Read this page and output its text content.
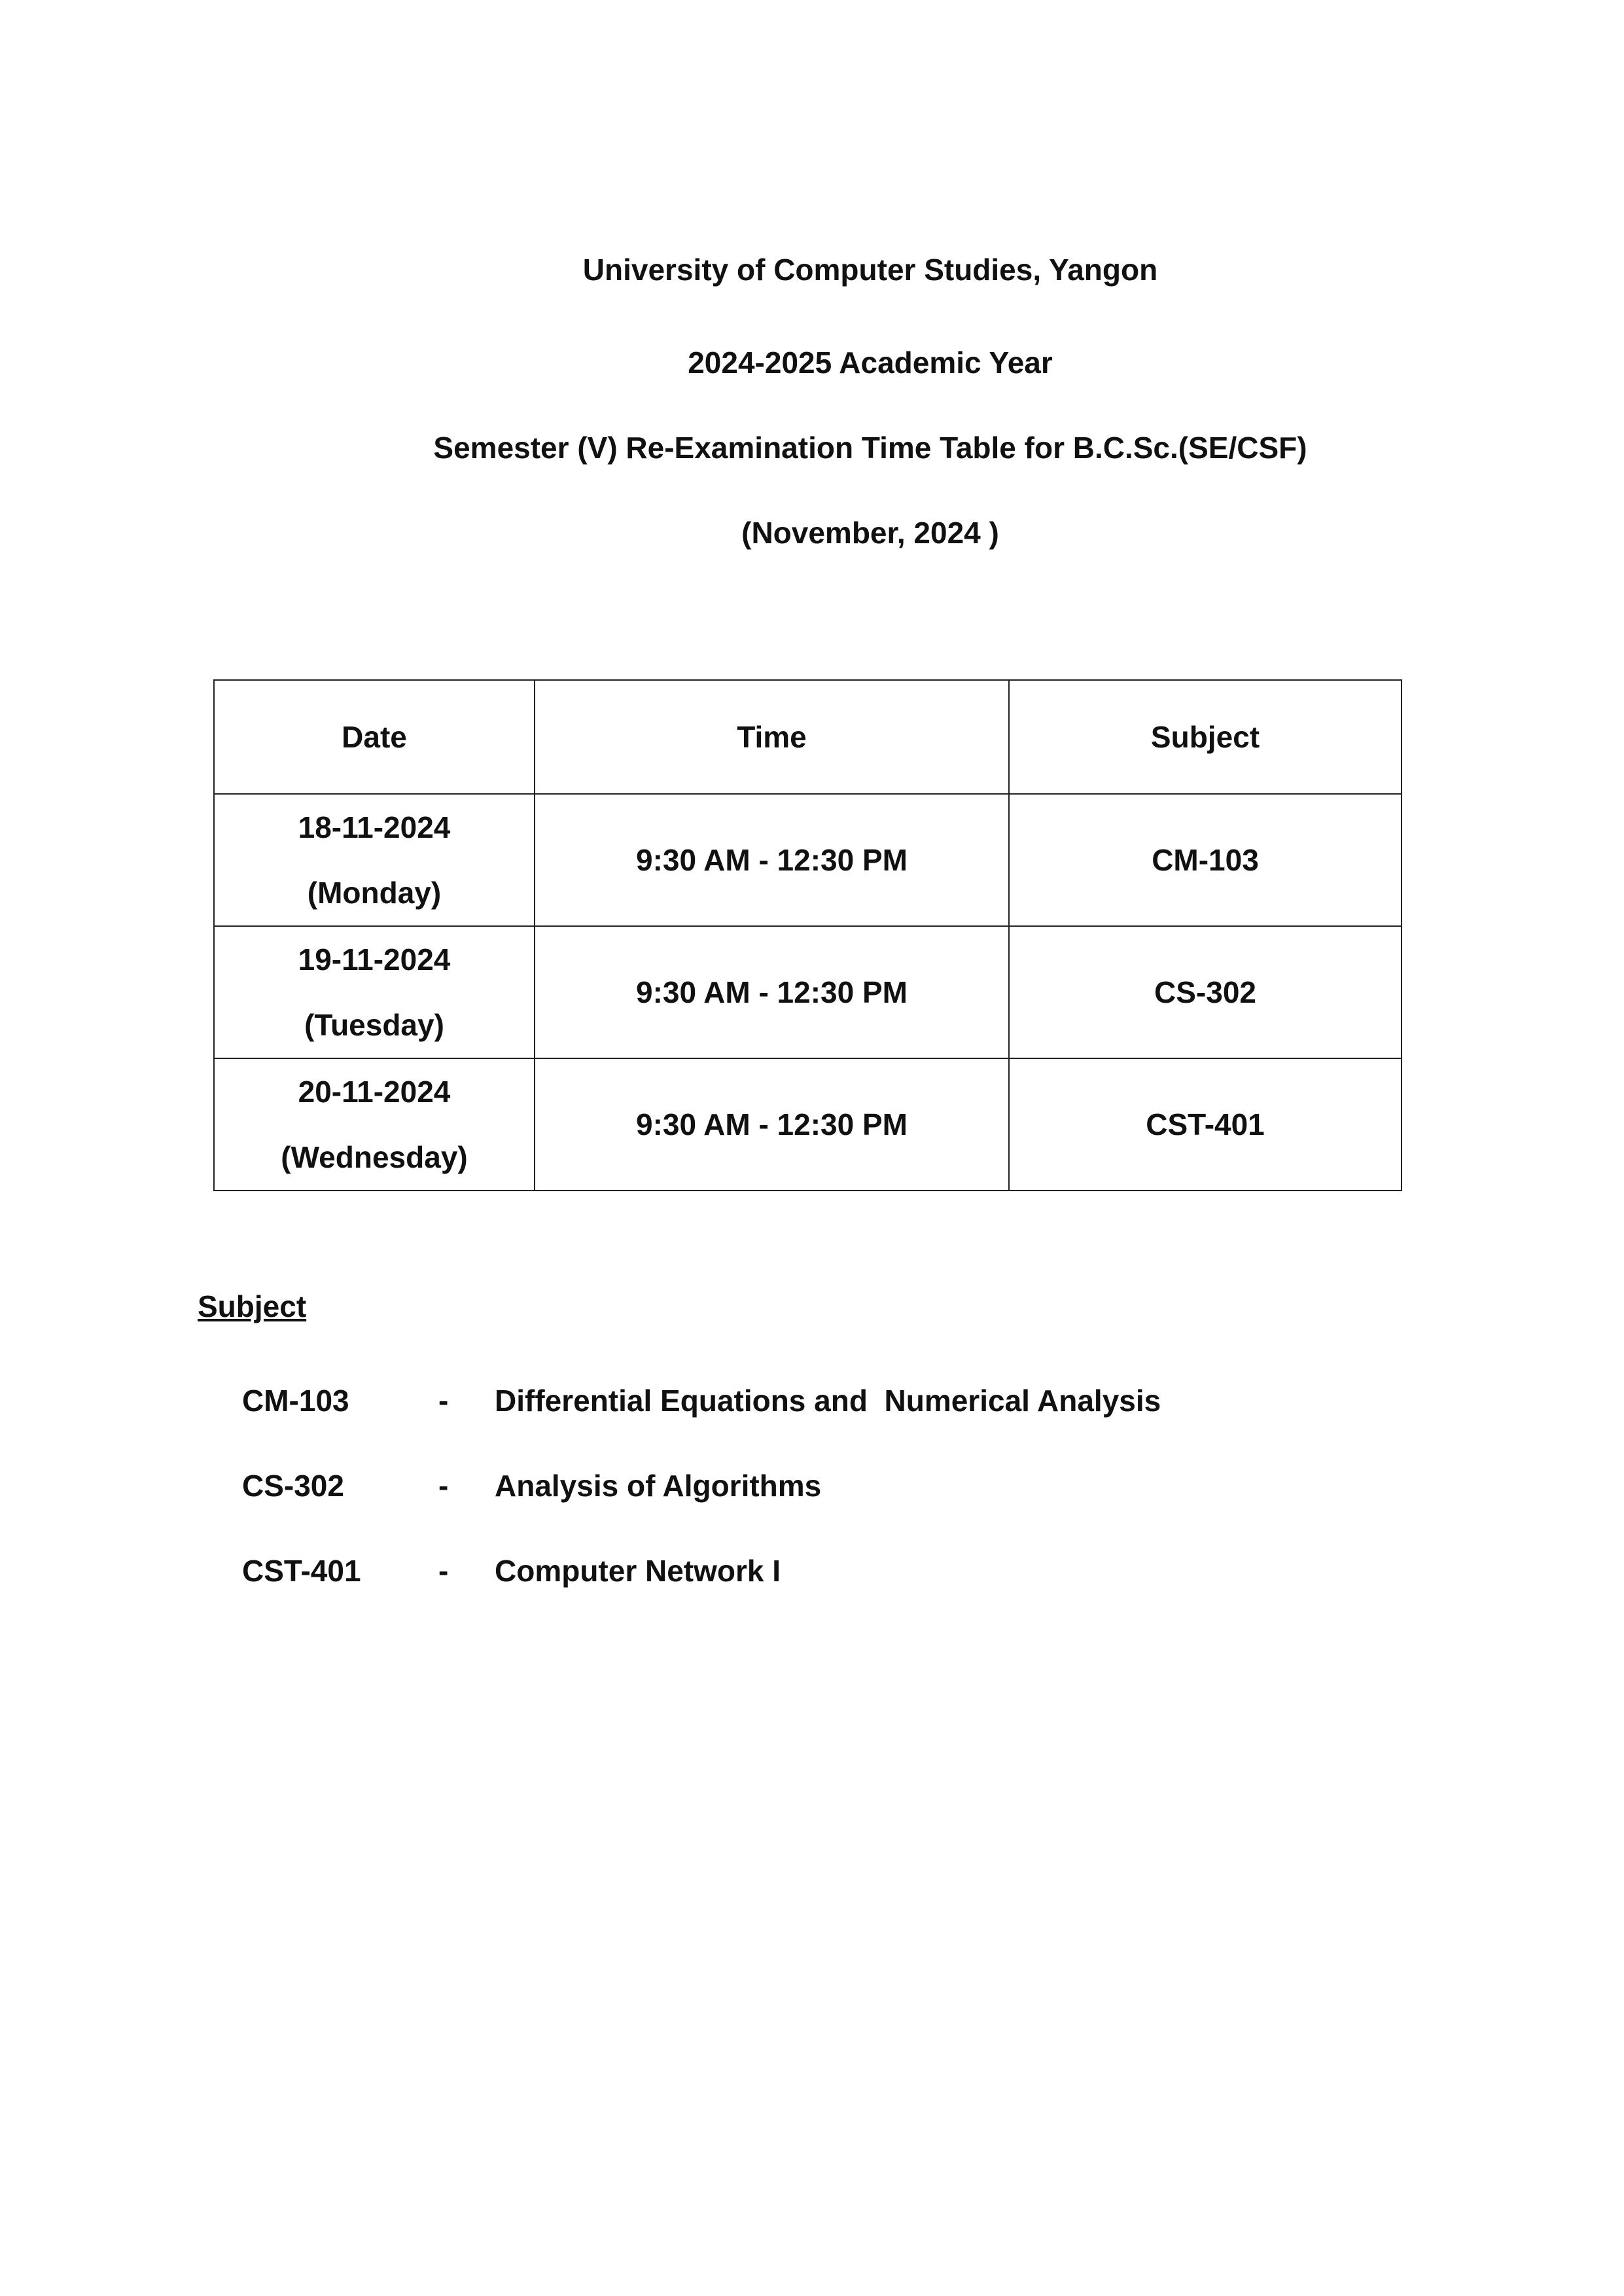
University of Computer Studies, Yangon
2024-2025 Academic Year
Semester (V) Re-Examination Time Table for B.C.Sc.(SE/CSF)
(November, 2024 )
Date	Time	Subject

18-11-2024
(Monday)	9:30 AM - 12:30 PM	CM-103

19-11-2024
(Tuesday)	9:30 AM - 12:30 PM	CS-302

20-11-2024
(Wednesday)	9:30 AM - 12:30 PM	CST-401
Subject
CM-103	- Differential Equations and  Numerical Analysis
CS-302	- Analysis of Algorithms
CST-401	- Computer Network I
